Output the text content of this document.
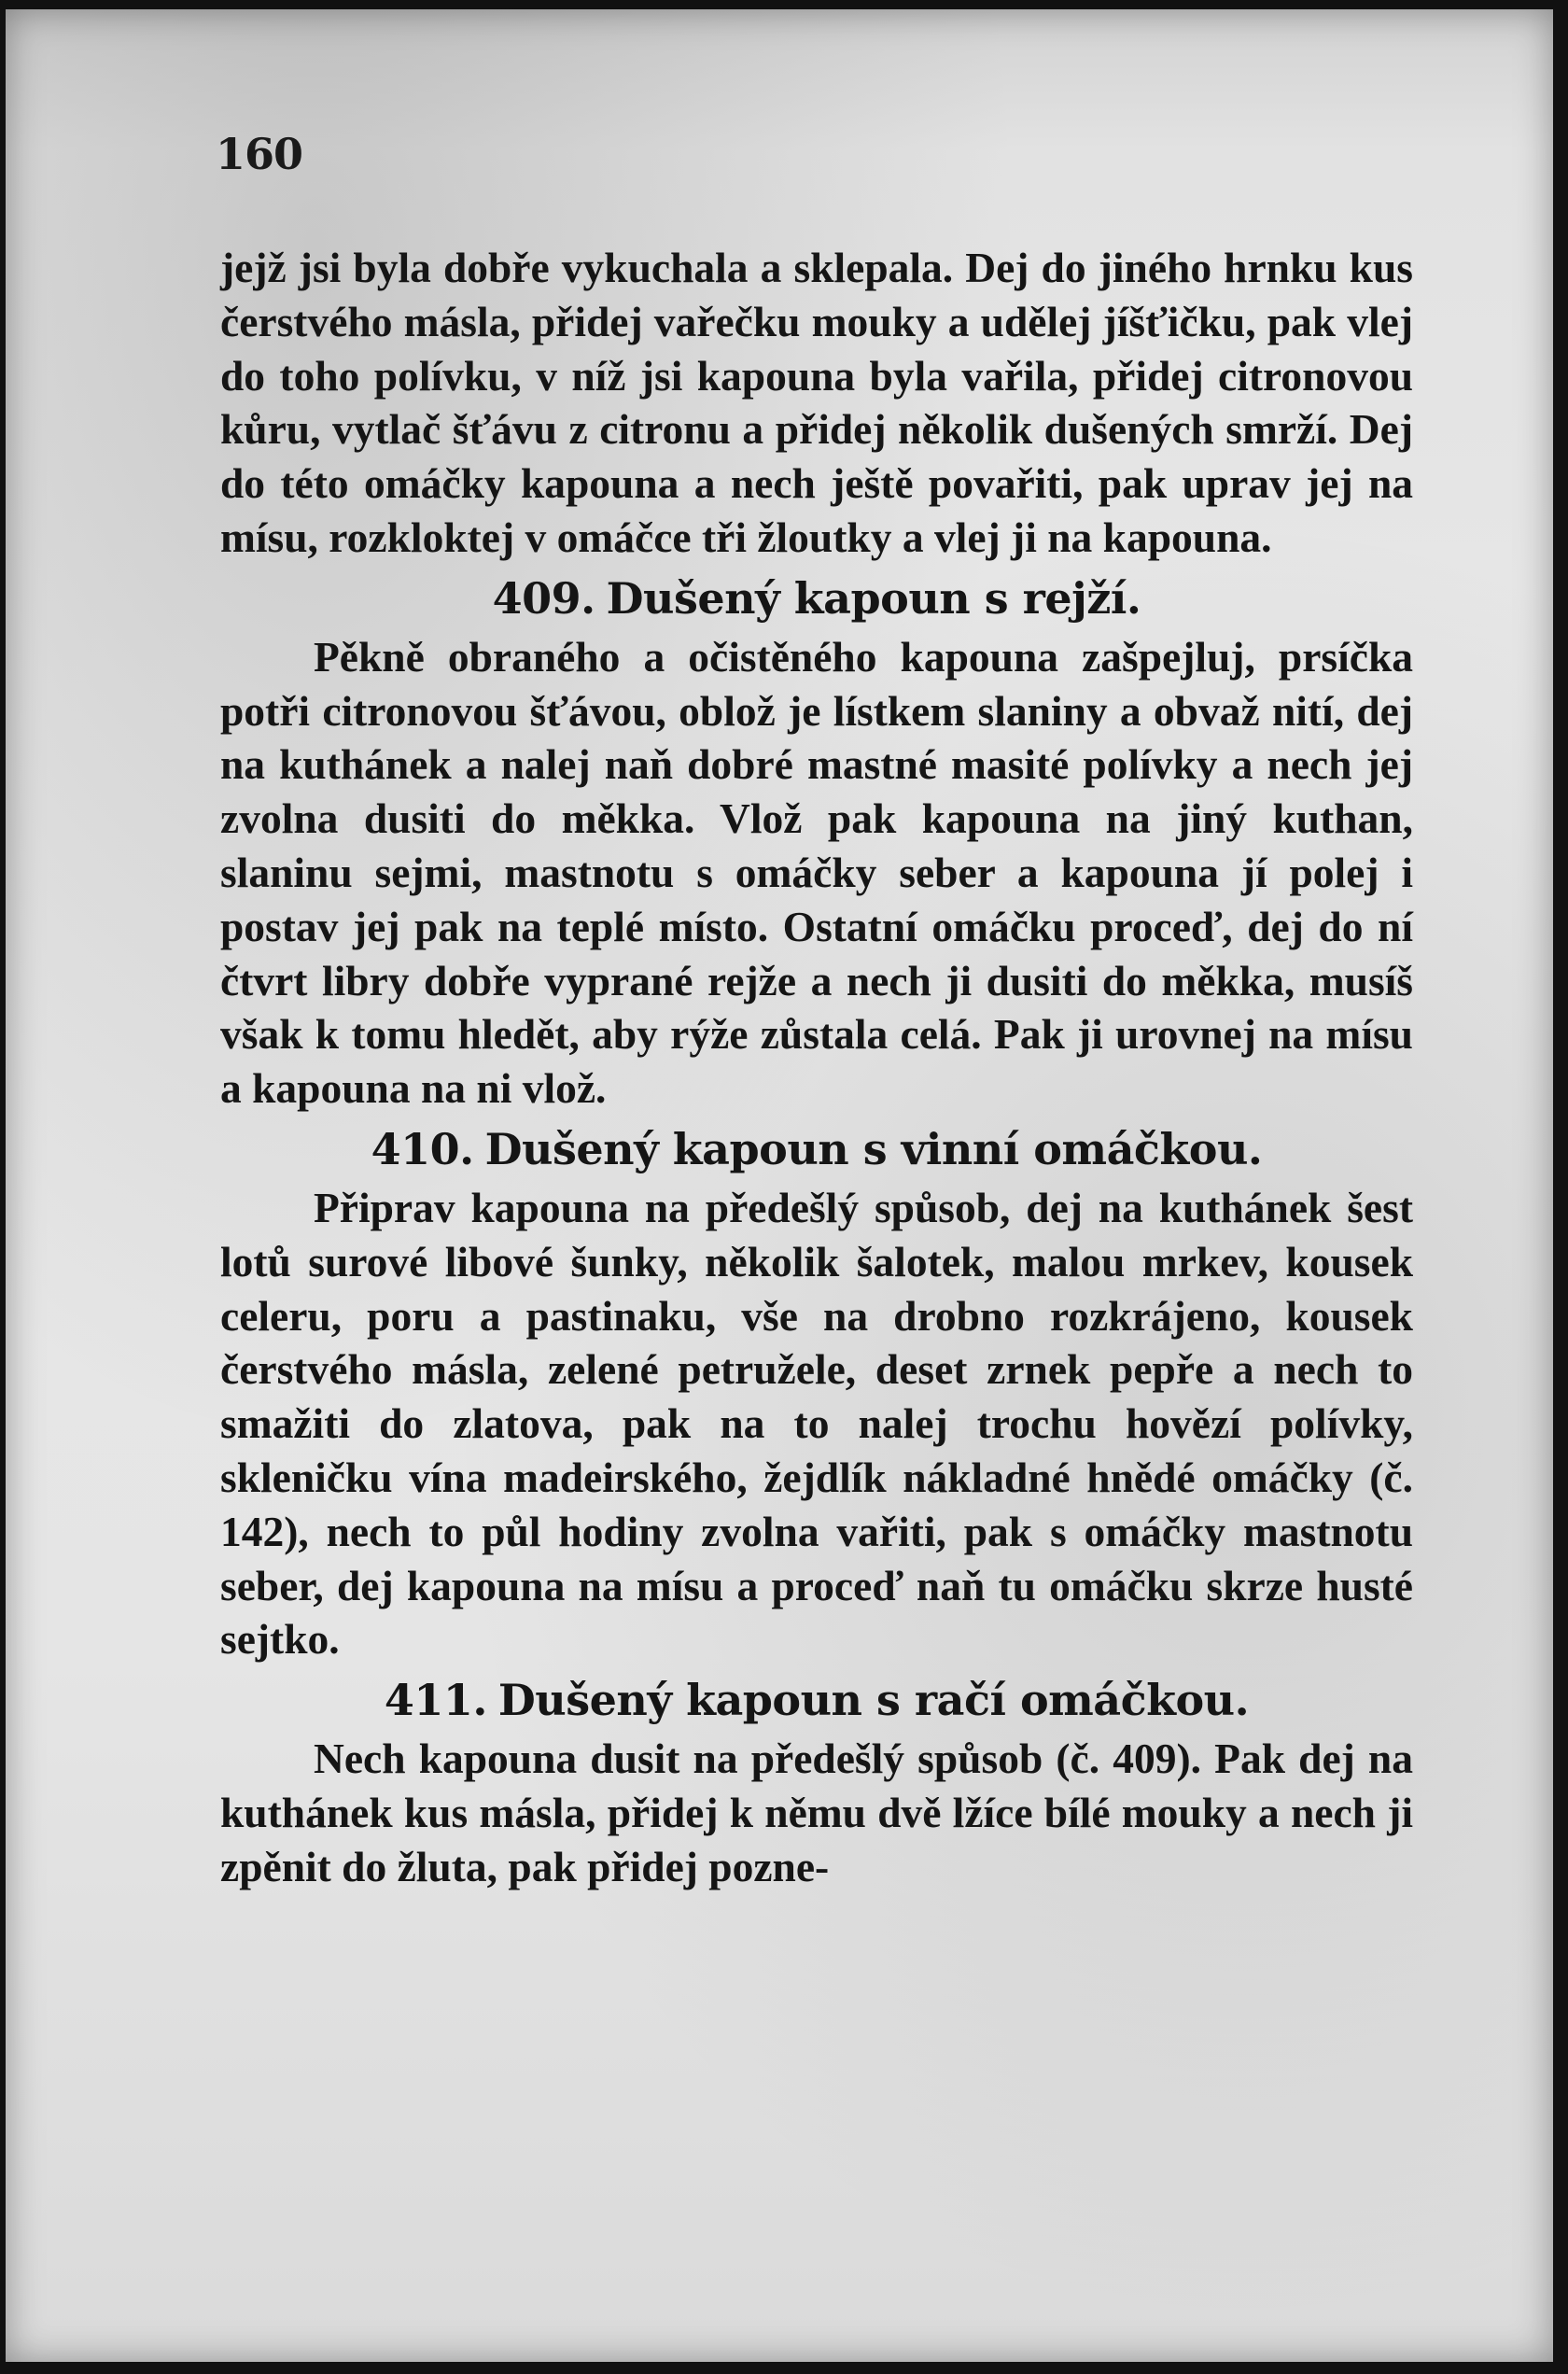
160

jejž jsi byla dobře vykuchala a sklepala. Dej do jiného hrnku kus čerstvého másla, přidej vařečku mouky a udělej jíšťičku, pak vlej do toho polívku, v níž jsi kapouna byla vařila, přidej citronovou kůru, vytlač šťávu z citronu a přidej několik dušených smrží. Dej do této omáčky kapouna a nech ještě povařiti, pak uprav jej na mísu, rozkloktej v omáčce tři žloutky a vlej ji na kapouna.

409. Dušený kapoun s rejží.

Pěkně obraného a očistěného kapouna zašpejluj, prsíčka potři citronovou šťávou, oblož je lístkem slaniny a obvaž nití, dej na kuthánek a nalej naň dobré mastné masité polívky a nech jej zvolna dusiti do měkka. Vlož pak kapouna na jiný kuthan, slaninu sejmi, mastnotu s omáčky seber a kapouna jí polej i postav jej pak na teplé místo. Ostatní omáčku proceď, dej do ní čtvrt libry dobře vyprané rejže a nech ji dusiti do měkka, musíš však k tomu hledět, aby rýže zůstala celá. Pak ji urovnej na mísu a kapouna na ni vlož.

410. Dušený kapoun s vinní omáčkou.

Připrav kapouna na předešlý spůsob, dej na kuthánek šest lotů surové libové šunky, několik šalotek, malou mrkev, kousek celeru, poru a pastinaku, vše na drobno rozkrájeno, kousek čerstvého másla, zelené petružele, deset zrnek pepře a nech to smažiti do zlatova, pak na to nalej trochu hovězí polívky, skleničku vína madeirského, žejdlík nákladné hnědé omáčky (č. 142), nech to půl hodiny zvolna vařiti, pak s omáčky mastnotu seber, dej kapouna na mísu a proceď naň tu omáčku skrze husté sejtko.

411. Dušený kapoun s račí omáčkou.

Nech kapouna dusit na předešlý spůsob (č. 409). Pak dej na kuthánek kus másla, přidej k němu dvě lžíce bílé mouky a nech ji zpěnit do žluta, pak přidej pozne-
